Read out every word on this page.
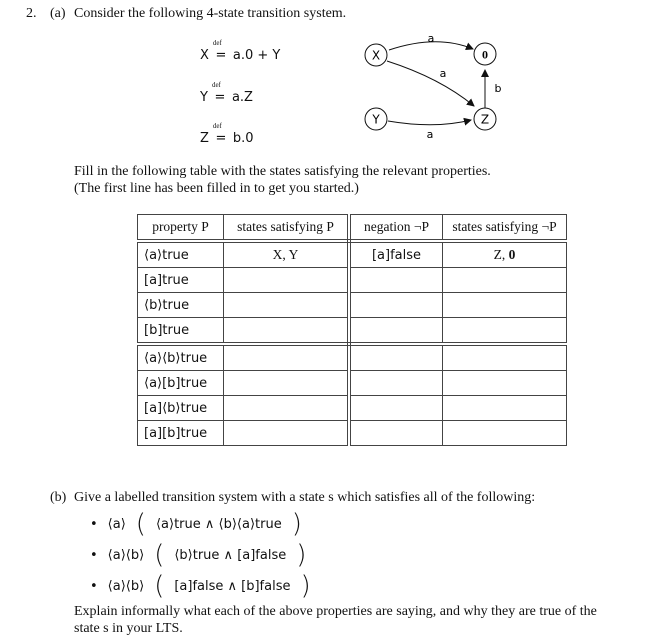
2. (a) Consider the following 4-state transition system.
X
def
= a.0 + Y
Y
def
= a.Z
Z
def
= b.0
X	0
Y	Z
a
a
b
a
Fill in the following table with the states satisfying the relevant properties.
(The first line has been filled in to get you started.)
property P	states satisfying P	negation ¬P	states satisfying ¬P
⟨a⟩true	X, Y	[a]false	Z, 0
[a]true			
⟨b⟩true			
[b]true			
⟨a⟩⟨b⟩true			
⟨a⟩[b]true			
[a]⟨b⟩true			
[a][b]true			
(b) Give a labelled transition system with a state s which satisfies all of the following:
• ⟨a⟩ ( ⟨a⟩true ∧ ⟨b⟩⟨a⟩true )
• ⟨a⟩⟨b⟩ ( ⟨b⟩true ∧ [a]false )
• ⟨a⟩⟨b⟩ ( [a]false ∧ [b]false )
Explain informally what each of the above properties are saying, and why they are true of the
state s in your LTS.
